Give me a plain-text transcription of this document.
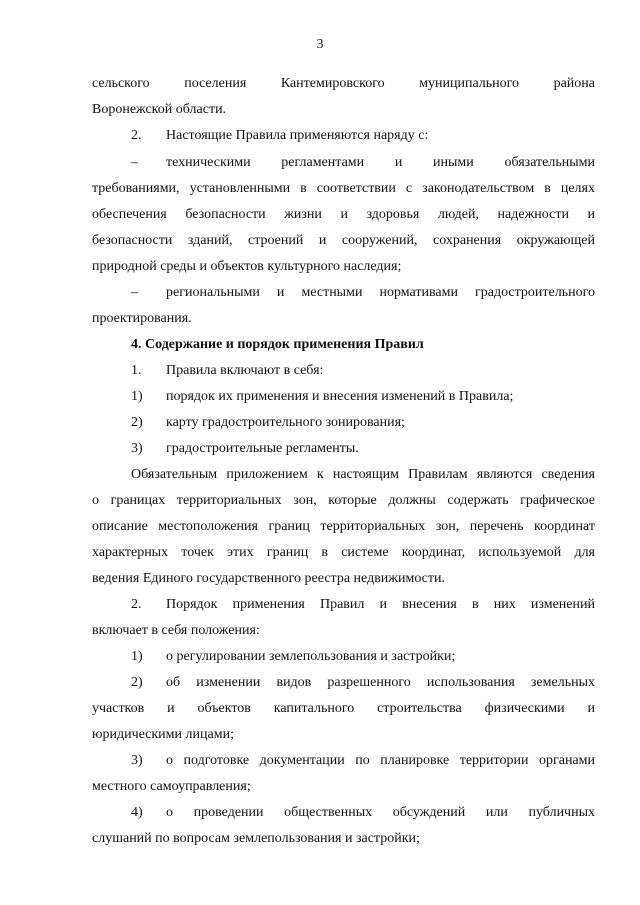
3
сельского поселения Кантемировского муниципального района
Воронежской области.
2. Настоящие Правила применяются наряду с:
– техническими регламентами и иными обязательными
требованиями, установленными в соответствии с законодательством в целях
обеспечения безопасности жизни и здоровья людей, надежности и
безопасности зданий, строений и сооружений, сохранения окружающей
природной среды и объектов культурного наследия;
– региональными и местными нормативами градостроительного
проектирования.
4. Содержание и порядок применения Правил
1. Правила включают в себя:
1) порядок их применения и внесения изменений в Правила;
2) карту градостроительного зонирования;
3) градостроительные регламенты.
Обязательным приложением к настоящим Правилам являются сведения
о границах территориальных зон, которые должны содержать графическое
описание местоположения границ территориальных зон, перечень координат
характерных точек этих границ в системе координат, используемой для
ведения Единого государственного реестра недвижимости.
2. Порядок применения Правил и внесения в них изменений
включает в себя положения:
1) о регулировании землепользования и застройки;
2) об изменении видов разрешенного использования земельных
участков и объектов капитального строительства физическими и
юридическими лицами;
3) о подготовке документации по планировке территории органами
местного самоуправления;
4) о проведении общественных обсуждений или публичных
слушаний по вопросам землепользования и застройки;
